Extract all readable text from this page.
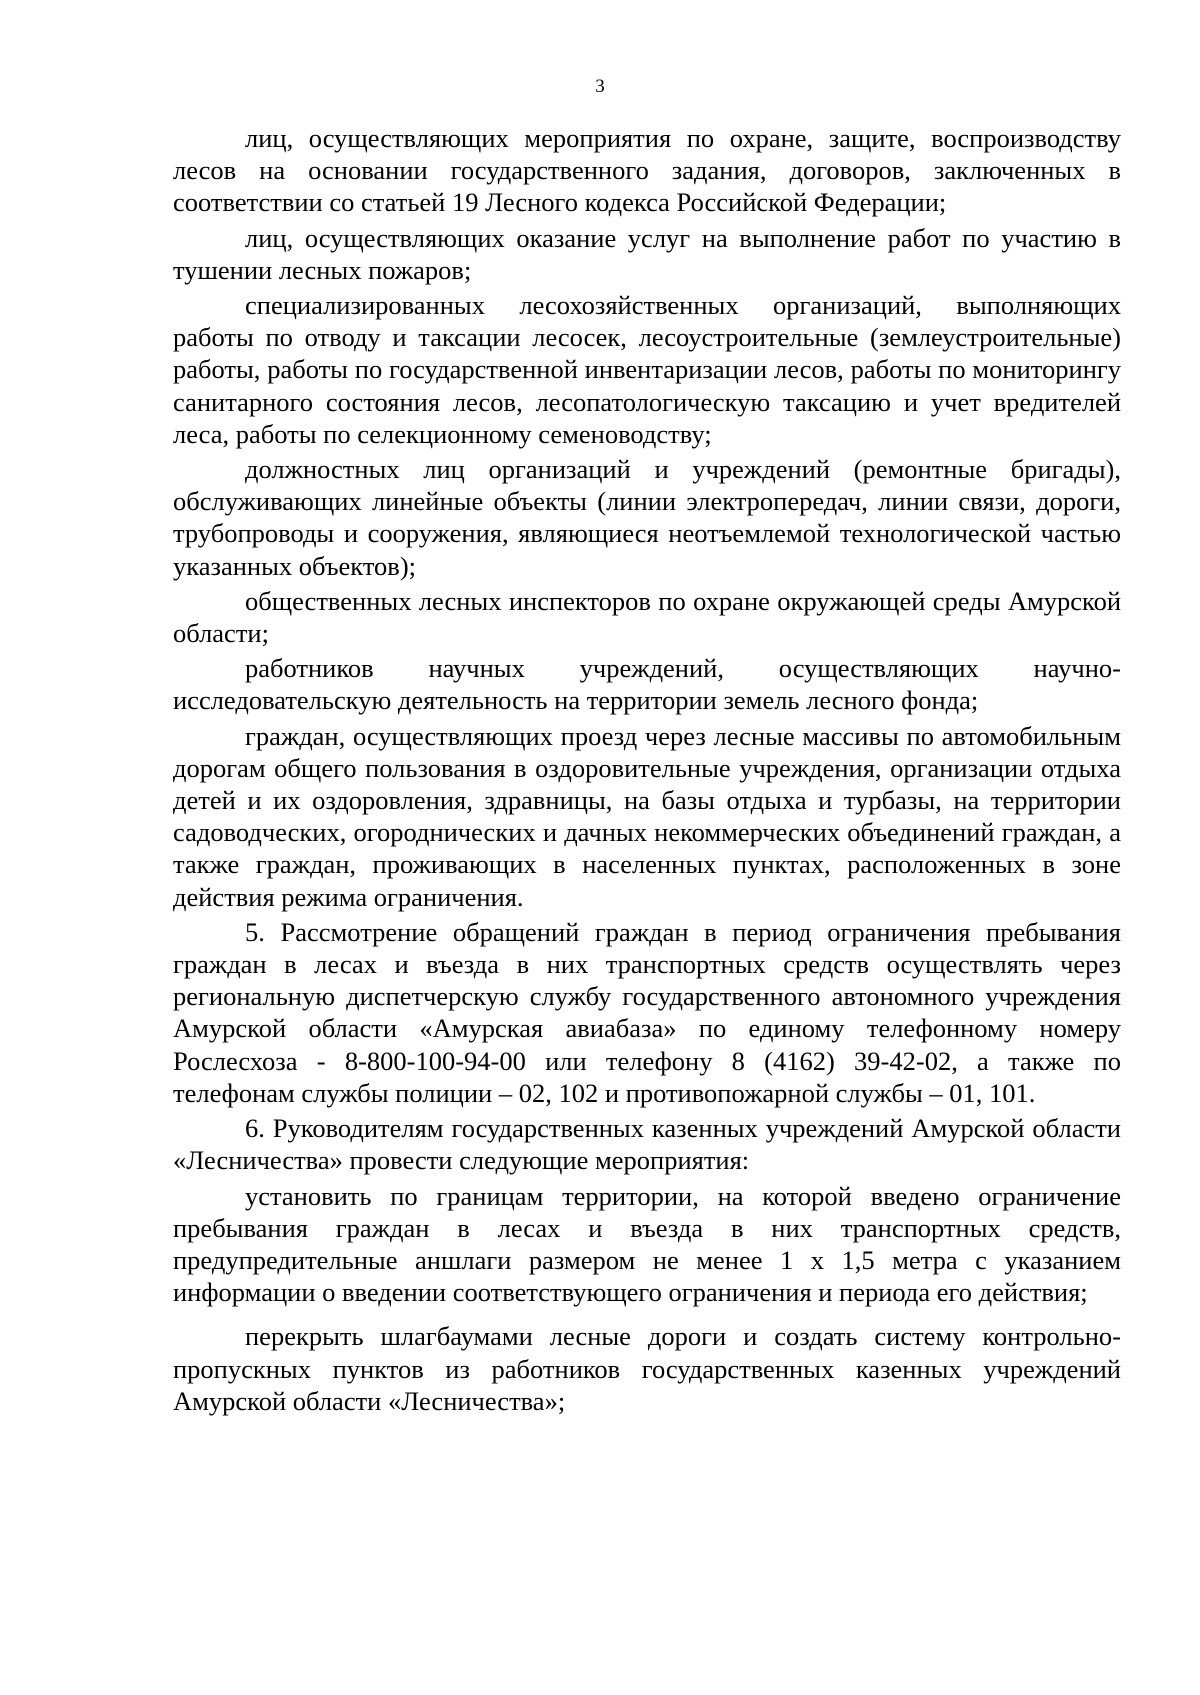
3

лиц, осуществляющих мероприятия по охране, защите, воспроизводству лесов на основании государственного задания, договоров, заключенных в соответствии со статьей 19 Лесного кодекса Российской Федерации;

лиц, осуществляющих оказание услуг на выполнение работ по участию в тушении лесных пожаров;

специализированных лесохозяйственных организаций, выполняющих работы по отводу и таксации лесосек, лесоустроительные (землеустроительные) работы, работы по государственной инвентаризации лесов, работы по мониторингу санитарного состояния лесов, лесопатологическую таксацию и учет вредителей леса, работы по селекционному семеноводству;

должностных лиц организаций и учреждений (ремонтные бригады), обслуживающих линейные объекты (линии электропередач, линии связи, дороги, трубопроводы и сооружения, являющиеся неотъемлемой технологической частью указанных объектов);

общественных лесных инспекторов по охране окружающей среды Амурской области;

работников научных учреждений, осуществляющих научно-исследовательскую деятельность на территории земель лесного фонда;

граждан, осуществляющих проезд через лесные массивы по автомобильным дорогам общего пользования в оздоровительные учреждения, организации отдыха детей и их оздоровления, здравницы, на базы отдыха и турбазы, на территории садоводческих, огороднических и дачных некоммерческих объединений граждан, а также граждан, проживающих в населенных пунктах, расположенных в зоне действия режима ограничения.

5. Рассмотрение обращений граждан в период ограничения пребывания граждан в лесах и въезда в них транспортных средств осуществлять через региональную диспетчерскую службу государственного автономного учреждения Амурской области «Амурская авиабаза» по единому телефонному номеру Рослесхоза - 8-800-100-94-00 или телефону 8 (4162) 39-42-02, а также по телефонам службы полиции – 02, 102 и противопожарной службы – 01, 101.

6. Руководителям государственных казенных учреждений Амурской области «Лесничества» провести следующие мероприятия:

установить по границам территории, на которой введено ограничение пребывания граждан в лесах и въезда в них транспортных средств, предупредительные аншлаги размером не менее 1 х 1,5 метра с указанием информации о введении соответствующего ограничения и периода его действия;

перекрыть шлагбаумами лесные дороги и создать систему контрольно-пропускных пунктов из работников государственных казенных учреждений Амурской области «Лесничества»;
